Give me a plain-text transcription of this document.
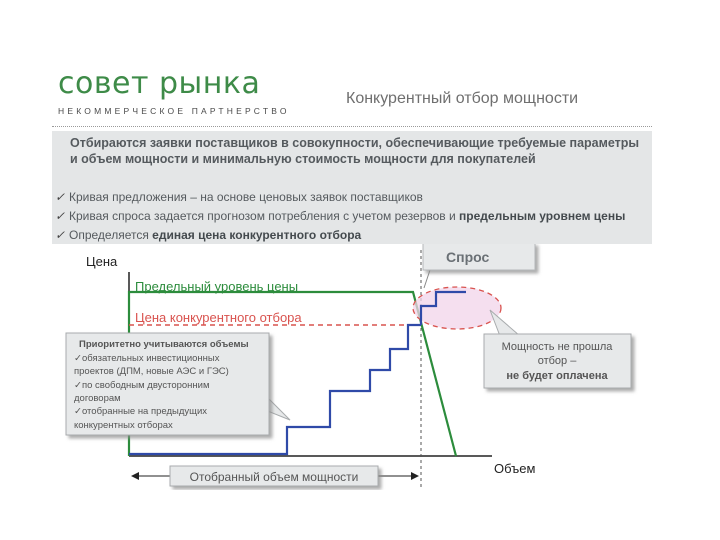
совет рынка
НЕКОММЕРЧЕСКОЕ ПАРТНЕРСТВО
Конкурентный отбор мощности
Отбираются заявки поставщиков в совокупности, обеспечивающие требуемые параметры и объем мощности и минимальную стоимость мощности для покупателей
✓ Кривая предложения – на основе ценовых заявок поставщиков
✓ Кривая спроса задается прогнозом потребления с учетом резервов и предельным уровнем цены
✓ Определяется единая цена конкурентного отбора
Цена
Объем
Предельный уровень цены
Цена конкурентного отбора
Спрос
Приоритетно учитываются объемы
✓обязательных инвестиционных
проектов (ДПМ, новые АЭС и ГЭС)
✓по свободным двусторонним
договорам
✓отобранные на предыдущих
конкурентных отборах
Мощность не прошла
отбор –
не будет оплачена
Отобранный объем мощности
